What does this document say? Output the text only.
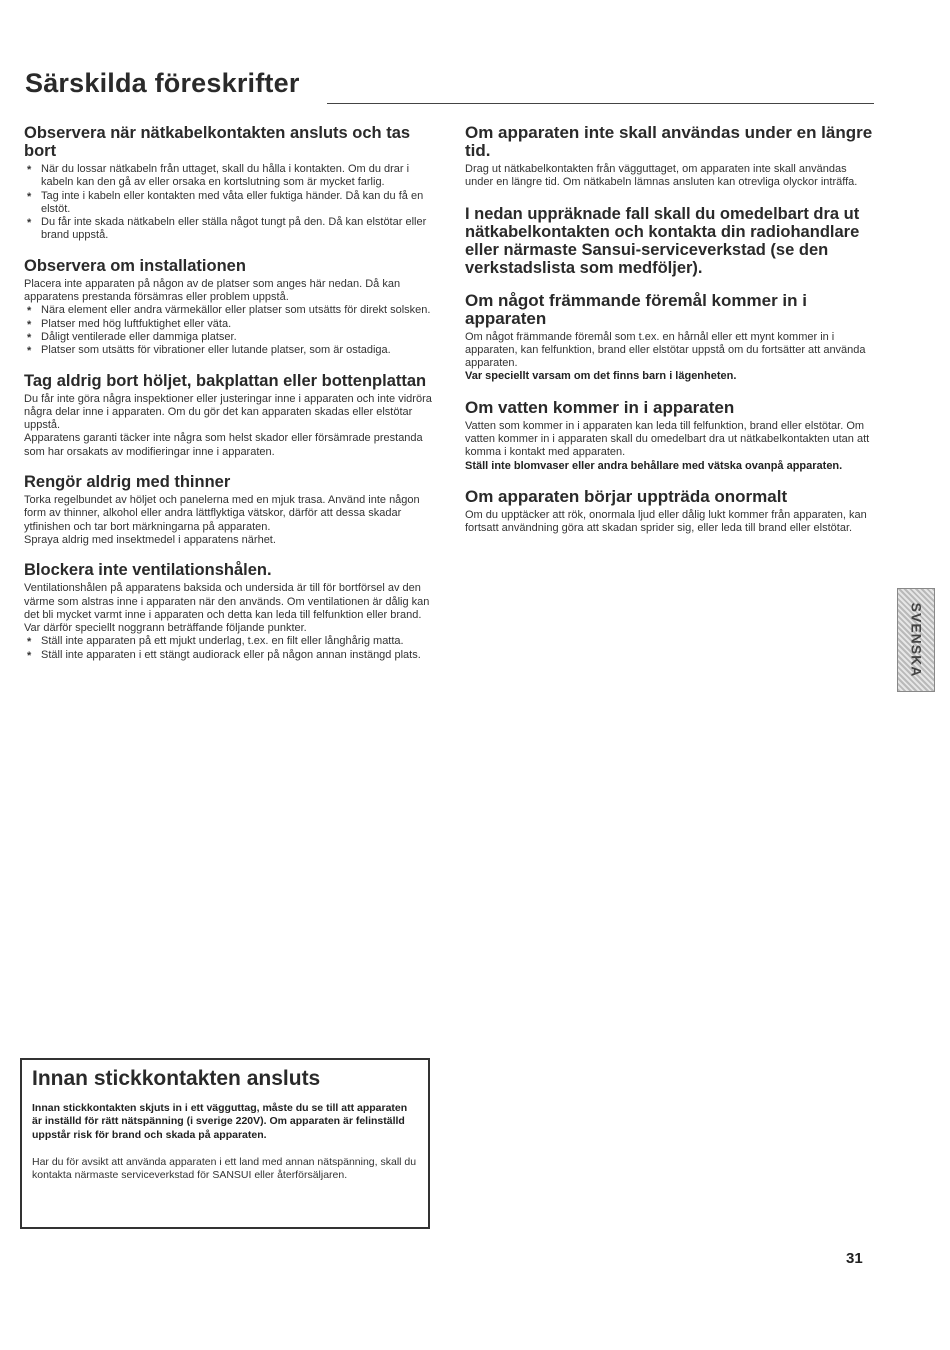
Särskilda föreskrifter
Observera när nätkabelkontakten ansluts och tas bort
* När du lossar nätkabeln från uttaget, skall du hålla i kontakten. Om du drar i kabeln kan den gå av eller orsaka en kortslutning som är mycket farlig.
* Tag inte i kabeln eller kontakten med våta eller fuktiga händer. Då kan du få en elstöt.
* Du får inte skada nätkabeln eller ställa något tungt på den. Då kan elstötar eller brand uppstå.
Observera om installationen

Placera inte apparaten på någon av de platser som anges här nedan. Då kan apparatens prestanda försämras eller problem uppstå.

* Nära element eller andra värmekällor eller platser som utsätts för direkt solsken.
* Platser med hög luftfuktighet eller väta.
* Dåligt ventilerade eller dammiga platser.
* Platser som utsätts för vibrationer eller lutande platser, som är ostadiga.
Tag aldrig bort höljet, bakplattan eller bottenplattan

Du får inte göra några inspektioner eller justeringar inne i apparaten och inte vidröra några delar inne i apparaten. Om du gör det kan apparaten skadas eller elstötar uppstå.

Apparatens garanti täcker inte några som helst skador eller försämrade prestanda som har orsakats av modifieringar inne i apparaten.

Rengör aldrig med thinner

Torka regelbundet av höljet och panelerna med en mjuk trasa. Använd inte någon form av thinner, alkohol eller andra lättflyktiga vätskor, därför att dessa skadar ytfinishen och tar bort märkningarna på apparaten.

Spraya aldrig med insektmedel i apparatens närhet.

Blockera inte ventilationshålen.

Ventilationshålen på apparatens baksida och undersida är till för bortförsel av den värme som alstras inne i apparaten när den används. Om ventilationen är dålig kan det bli mycket varmt inne i apparaten och detta kan leda till felfunktion eller brand. Var därför speciellt noggrann beträffande följande punkter.

* Ställ inte apparaten på ett mjukt underlag, t.ex. en filt eller långhårig matta.
* Ställ inte apparaten i ett stängt audiorack eller på någon annan instängd plats.
Om apparaten inte skall användas under en längre tid.

Drag ut nätkabelkontakten från vägguttaget, om apparaten inte skall användas under en längre tid. Om nätkabeln lämnas ansluten kan otrevliga olyckor inträffa.

I nedan uppräknade fall skall du omedelbart dra ut nätkabelkontakten och kontakta din radiohandlare eller närmaste Sansui-serviceverkstad (se den verkstadslista som medföljer).
Om något främmande föremål kommer in i apparaten

Om något främmande föremål som t.ex. en hårnål eller ett mynt kommer in i apparaten, kan felfunktion, brand eller elstötar uppstå om du fortsätter att använda apparaten.

Var speciellt varsam om det finns barn i lägenheten.

Om vatten kommer in i apparaten

Vatten som kommer in i apparaten kan leda till felfunktion, brand eller elstötar. Om vatten kommer in i apparaten skall du omedelbart dra ut nätkabelkontakten utan att komma i kontakt med apparaten.

Ställ inte blomvaser eller andra behållare med vätska ovanpå apparaten.

Om apparaten börjar uppträda onormalt

Om du upptäcker att rök, onormala ljud eller dålig lukt kommer från apparaten, kan fortsatt användning göra att skadan sprider sig, eller leda till brand eller elstötar.

SVENSKA
Innan stickkontakten ansluts

Innan stickkontakten skjuts in i ett vägguttag, måste du se till att apparaten är inställd för rätt nätspänning (i sverige 220V). Om apparaten är felinställd uppstår risk för brand och skada på apparaten.

Har du för avsikt att använda apparaten i ett land med annan nätspänning, skall du kontakta närmaste serviceverkstad för SANSUI eller återförsäljaren.

31
